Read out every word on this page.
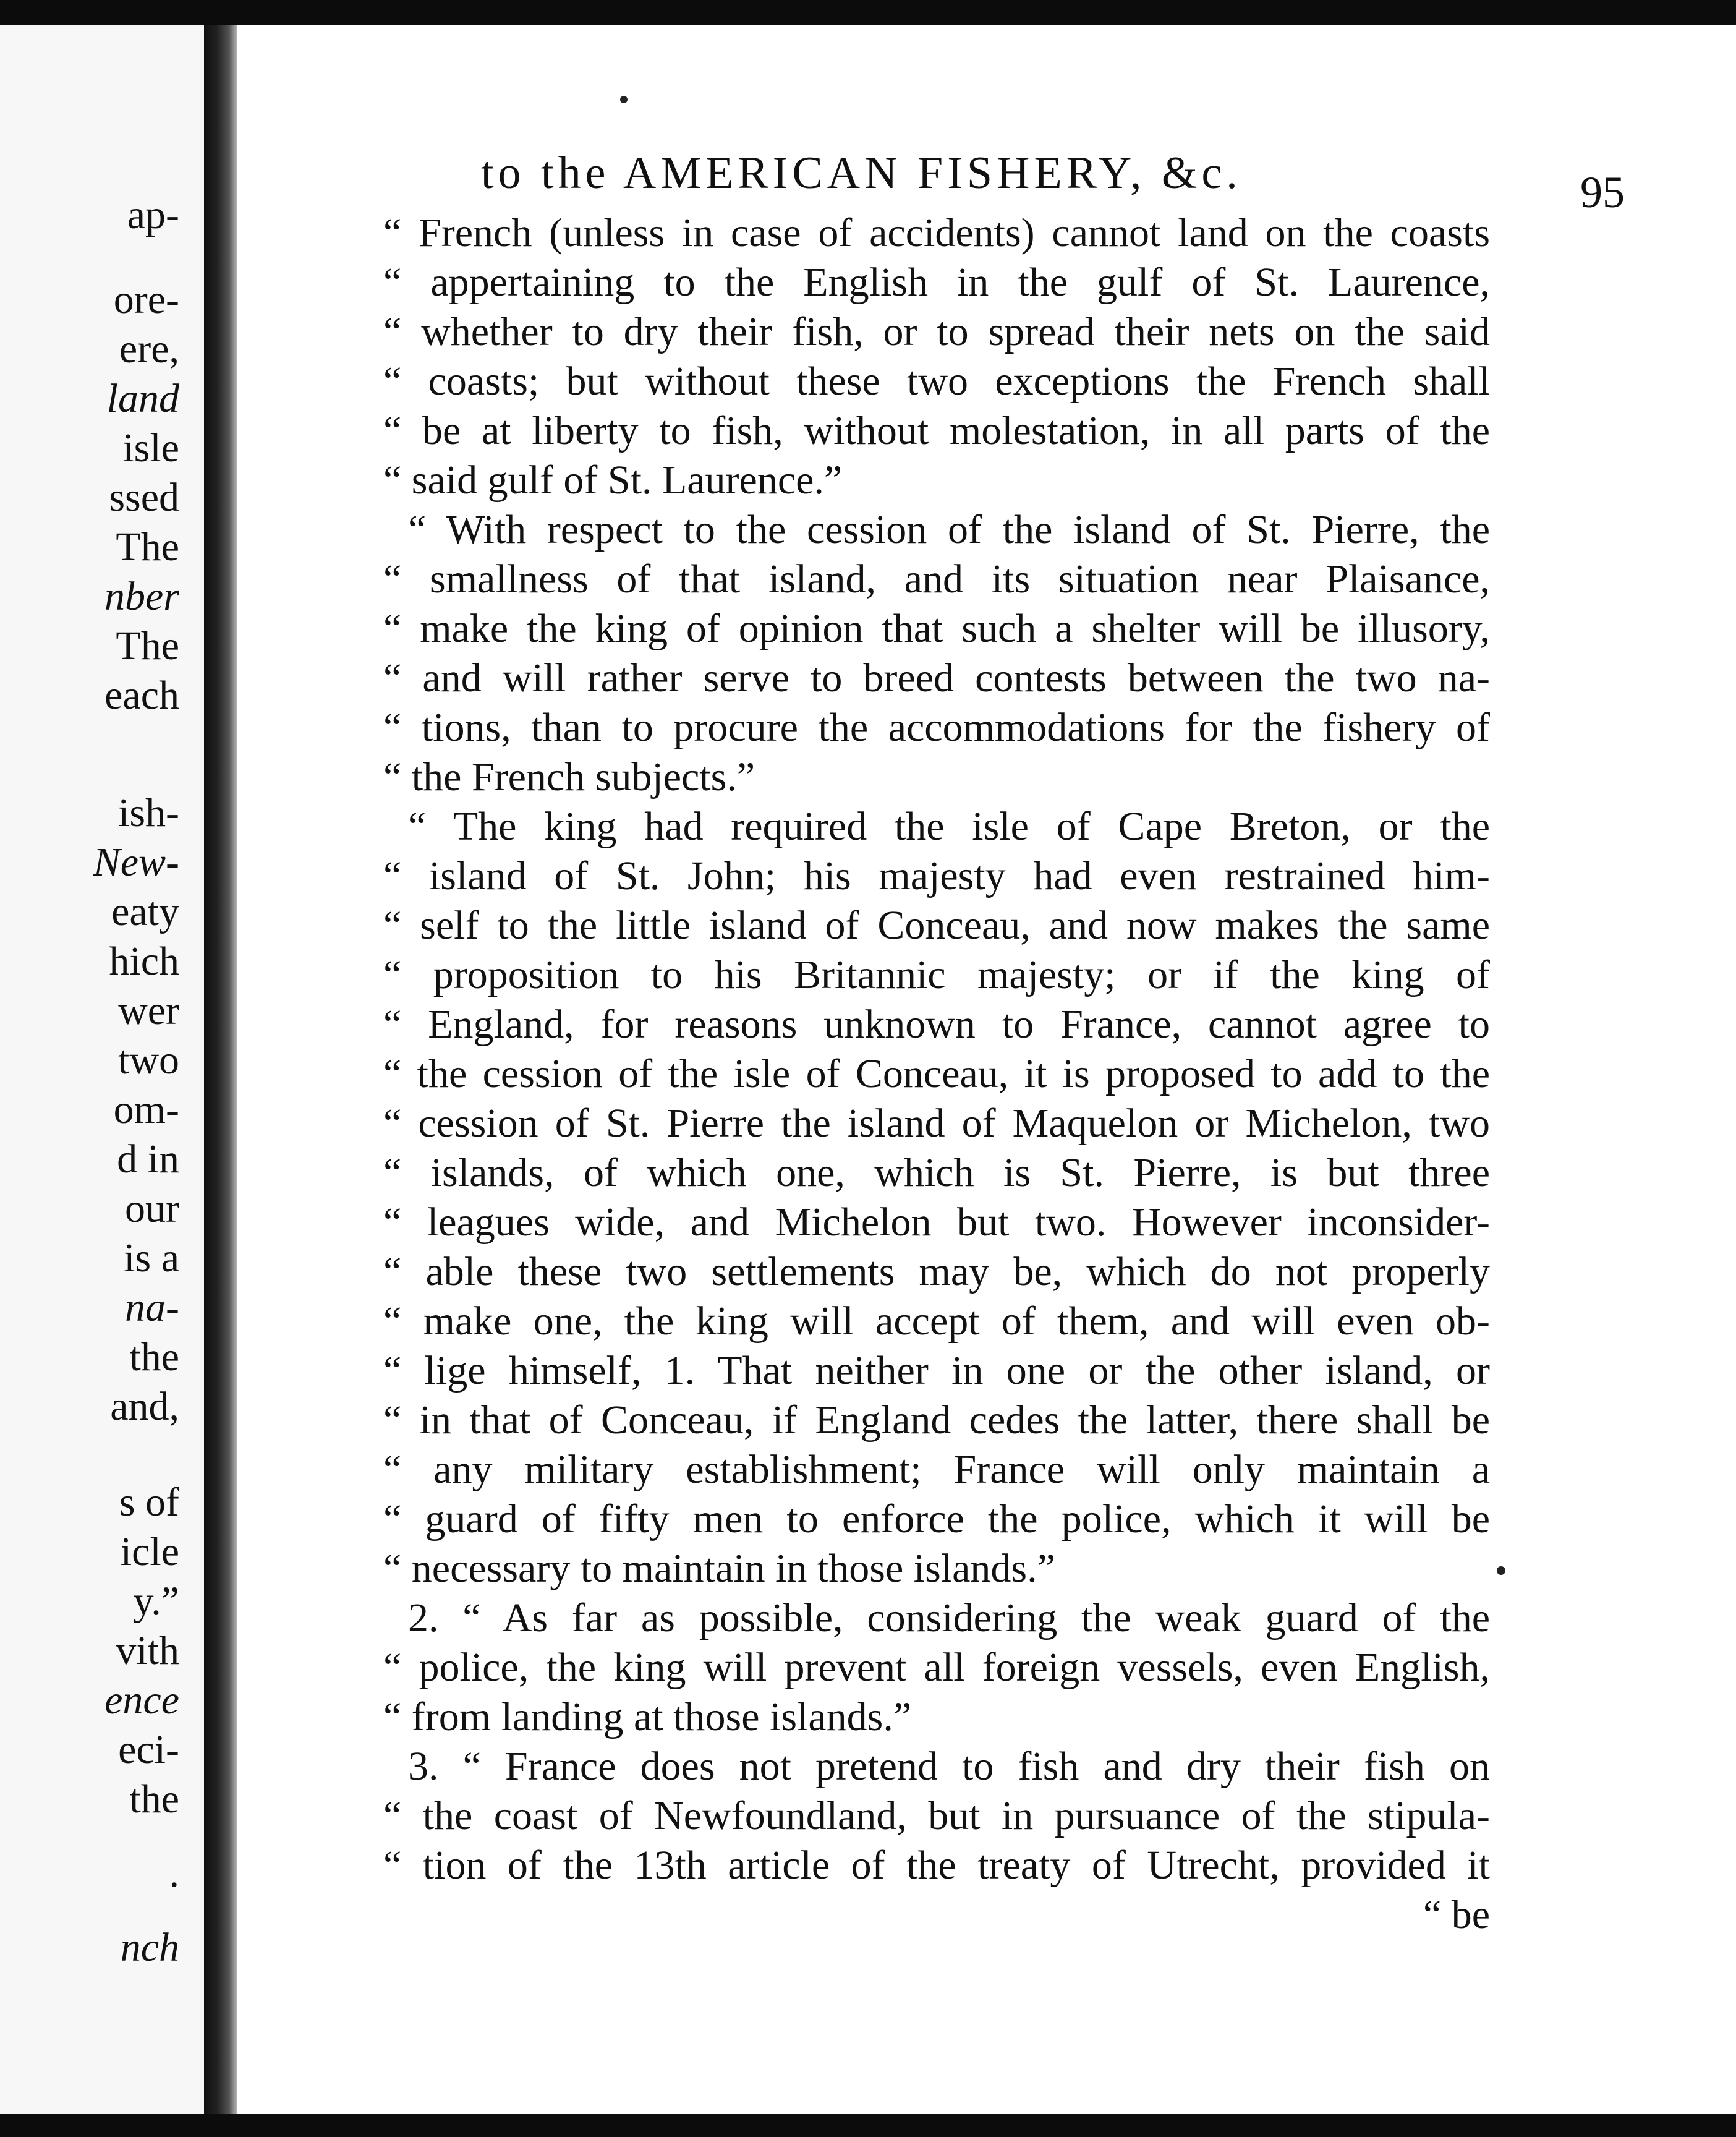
ap-
ore-
ere,
land
isle
ssed
The
nber
The
each
ish-
New-
eaty
hich
wer
two
om-
d in
our
is a
na-
the
and,
s of
icle
y.”
vith
ence
eci-
the
.
nch
to the AMERICAN FISHERY, &c.	95
“ French (unless in case of accidents) cannot land on the coasts
“ appertaining to the English in the gulf of St. Laurence,
“ whether to dry their fish, or to spread their nets on the said
“ coasts; but without these two exceptions the French shall
“ be at liberty to fish, without molestation, in all parts of the
“ said gulf of St. Laurence.”
“ With respect to the cession of the island of St. Pierre, the
“ smallness of that island, and its situation near Plaisance,
“ make the king of opinion that such a shelter will be illusory,
“ and will rather serve to breed contests between the two na-
“ tions, than to procure the accommodations for the fishery of
“ the French subjects.”
“ The king had required the isle of Cape Breton, or the
“ island of St. John; his majesty had even restrained him-
“ self to the little island of Conceau, and now makes the same
“ proposition to his Britannic majesty; or if the king of
“ England, for reasons unknown to France, cannot agree to
“ the cession of the isle of Conceau, it is proposed to add to the
“ cession of St. Pierre the island of Maquelon or Michelon, two
“ islands, of which one, which is St. Pierre, is but three
“ leagues wide, and Michelon but two. However inconsider-
“ able these two settlements may be, which do not properly
“ make one, the king will accept of them, and will even ob-
“ lige himself, 1. That neither in one or the other island, or
“ in that of Conceau, if England cedes the latter, there shall be
“ any military establishment; France will only maintain a
“ guard of fifty men to enforce the police, which it will be
“ necessary to maintain in those islands.”
2. “ As far as possible, considering the weak guard of the
“ police, the king will prevent all foreign vessels, even English,
“ from landing at those islands.”
3. “ France does not pretend to fish and dry their fish on
“ the coast of Newfoundland, but in pursuance of the stipula-
“ tion of the 13th article of the treaty of Utrecht, provided it
“ be
